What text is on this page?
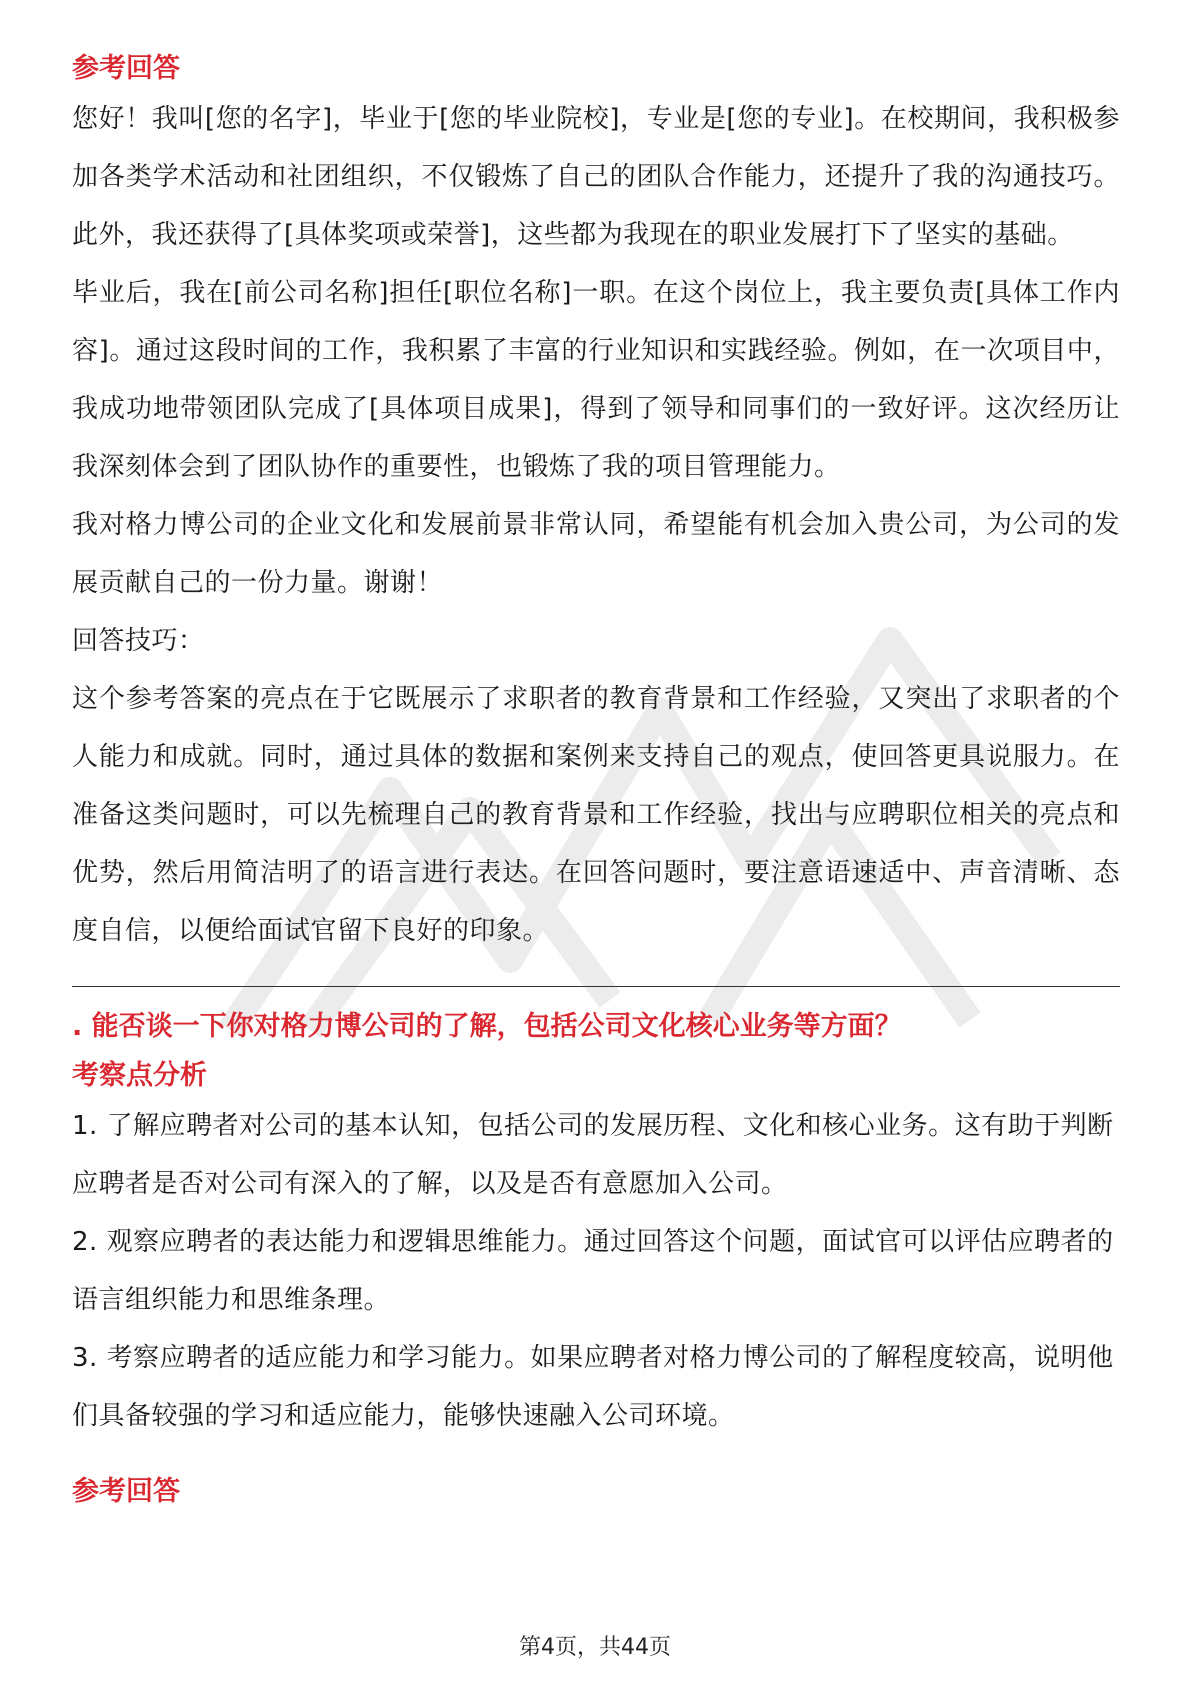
参考回答

您好！我叫[您的名字]，毕业于[您的毕业院校]，专业是[您的专业]。在校期间，我积极参加各类学术活动和社团组织，不仅锻炼了自己的团队合作能力，还提升了我的沟通技巧。此外，我还获得了[具体奖项或荣誉]，这些都为我现在的职业发展打下了坚实的基础。

毕业后，我在[前公司名称]担任[职位名称]一职。在这个岗位上，我主要负责[具体工作内容]。通过这段时间的工作，我积累了丰富的行业知识和实践经验。例如，在一次项目中，我成功地带领团队完成了[具体项目成果]，得到了领导和同事们的一致好评。这次经历让我深刻体会到了团队协作的重要性，也锻炼了我的项目管理能力。

我对格力博公司的企业文化和发展前景非常认同，希望能有机会加入贵公司，为公司的发展贡献自己的一份力量。谢谢！

回答技巧：

这个参考答案的亮点在于它既展示了求职者的教育背景和工作经验，又突出了求职者的个人能力和成就。同时，通过具体的数据和案例来支持自己的观点，使回答更具说服力。在准备这类问题时，可以先梳理自己的教育背景和工作经验，找出与应聘职位相关的亮点和优势，然后用简洁明了的语言进行表达。在回答问题时，要注意语速适中、声音清晰、态度自信，以便给面试官留下良好的印象。

. 能否谈一下你对格力博公司的了解，包括公司文化核心业务等方面？

考察点分析

1. 了解应聘者对公司的基本认知，包括公司的发展历程、文化和核心业务。这有助于判断应聘者是否对公司有深入的了解，以及是否有意愿加入公司。

2. 观察应聘者的表达能力和逻辑思维能力。通过回答这个问题，面试官可以评估应聘者的语言组织能力和思维条理。

3. 考察应聘者的适应能力和学习能力。如果应聘者对格力博公司的了解程度较高，说明他们具备较强的学习和适应能力，能够快速融入公司环境。

参考回答

第4页，共44页
